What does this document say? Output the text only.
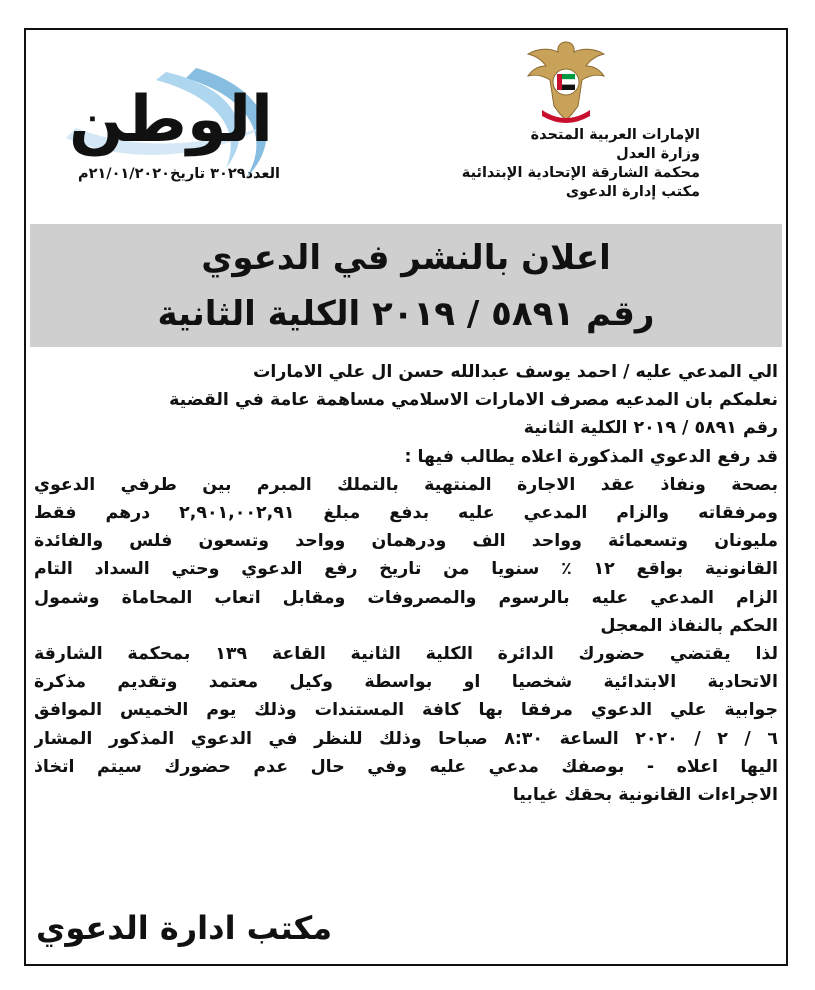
الإمارات العربية المتحدة
وزارة العدل
محكمة الشارقة الإتحادية الإبتدائية
مكتب إدارة الدعوى
الوطن
العدد٣٠٢٩ تاريخ٢١/٠١/٢٠٢٠م
اعلان بالنشر في الدعوي
رقم ٥٨٩١ / ٢٠١٩ الكلية الثانية

الي المدعي عليه / احمد يوسف عبدالله حسن ال علي الامارات

نعلمكم بان المدعيه مصرف الامارات الاسلامي مساهمة عامة في القضية

رقم ٥٨٩١ / ٢٠١٩ الكلية الثانية

قد رفع الدعوي المذكورة اعلاه يطالب فيها :

بصحة ونفاذ عقد الاجارة المنتهية بالتملك المبرم بين طرفي الدعوي

ومرفقاته والزام المدعي عليه بدفع مبلغ ٢,٩٠١,٠٠٢,٩١ درهم فقط

مليونان وتسعمائة وواحد الف ودرهمان وواحد وتسعون فلس والفائدة

القانونية بواقع ١٢ ٪ سنويا من تاريخ رفع الدعوي وحتي السداد التام

الزام المدعي عليه بالرسوم والمصروفات ومقابل اتعاب المحاماة وشمول

الحكم بالنفاذ المعجل

لذا يقتضي حضورك الدائرة الكلية الثانية القاعة ١٣٩ بمحكمة الشارقة

الاتحادية الابتدائية شخصيا او بواسطة وكيل معتمد وتقديم مذكرة

جوابية علي الدعوي مرفقا بها كافة المستندات وذلك يوم الخميس الموافق

٦ / ٢ / ٢٠٢٠ الساعة ٨:٣٠ صباحا وذلك للنظر في الدعوي المذكور المشار

اليها اعلاه - بوصفك مدعي عليه وفي حال عدم حضورك سيتم اتخاذ

الاجراءات القانونية بحقك غيابيا

مكتب ادارة الدعوي
